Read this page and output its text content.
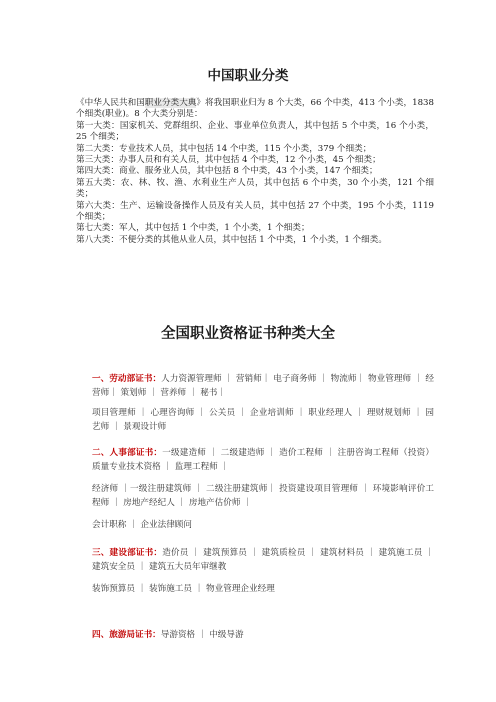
中国职业分类

《中华人民共和国职业分类大典》将我国职业归为 8 个大类，66 个中类，413 个小类，1838 个细类(职业)。8 个大类分别是：

第一大类：国家机关、党群组织、企业、事业单位负责人，其中包括 5 个中类，16 个小类，25 个细类；

第二大类：专业技术人员，其中包括 14 个中类，115 个小类，379 个细类；

第三大类：办事人员和有关人员，其中包括 4 个中类，12 个小类，45 个细类；

第四大类：商业、服务业人员，其中包括 8 个中类，43 个小类，147 个细类；

第五大类：农、林、牧、渔、水利业生产人员，其中包括 6 个中类，30 个小类，121 个细类；

第六大类：生产、运输设备操作人员及有关人员，其中包括 27 个中类，195 个小类，1119 个细类；

第七大类：军人，其中包括 1 个中类，1 个小类，1 个细类；

第八大类：不便分类的其他从业人员，其中包括 1 个中类，1 个小类，1 个细类。

全国职业资格证书种类大全

一、劳动部证书：人力资源管理师 ｜ 营销师｜ 电子商务师 ｜ 物流师｜ 物业管理师 ｜ 经营师｜ 策划师 ｜ 营养师 ｜ 秘书｜

项目管理师 ｜ 心理咨询师 ｜ 公关员 ｜ 企业培训师 ｜ 职业经理人 ｜ 理财规划师 ｜ 园艺师 ｜ 景观设计师

二、人事部证书：一级建造师 ｜ 二级建造师 ｜ 造价工程师 ｜ 注册咨询工程师（投资） 质量专业技术资格 ｜ 监理工程师 ｜

经济师 ｜一级注册建筑师 ｜ 二级注册建筑师｜ 投资建设项目管理师 ｜ 环境影响评价工程师 ｜ 房地产经纪人 ｜ 房地产估价师 ｜

会计职称 ｜ 企业法律顾问

三、建设部证书：造价员 ｜ 建筑预算员 ｜ 建筑质检员 ｜ 建筑材料员 ｜ 建筑施工员 ｜ 建筑安全员 ｜ 建筑五大员年审继教

装饰预算员 ｜ 装饰施工员 ｜ 物业管理企业经理

四、旅游局证书：导游资格 ｜ 中级导游
